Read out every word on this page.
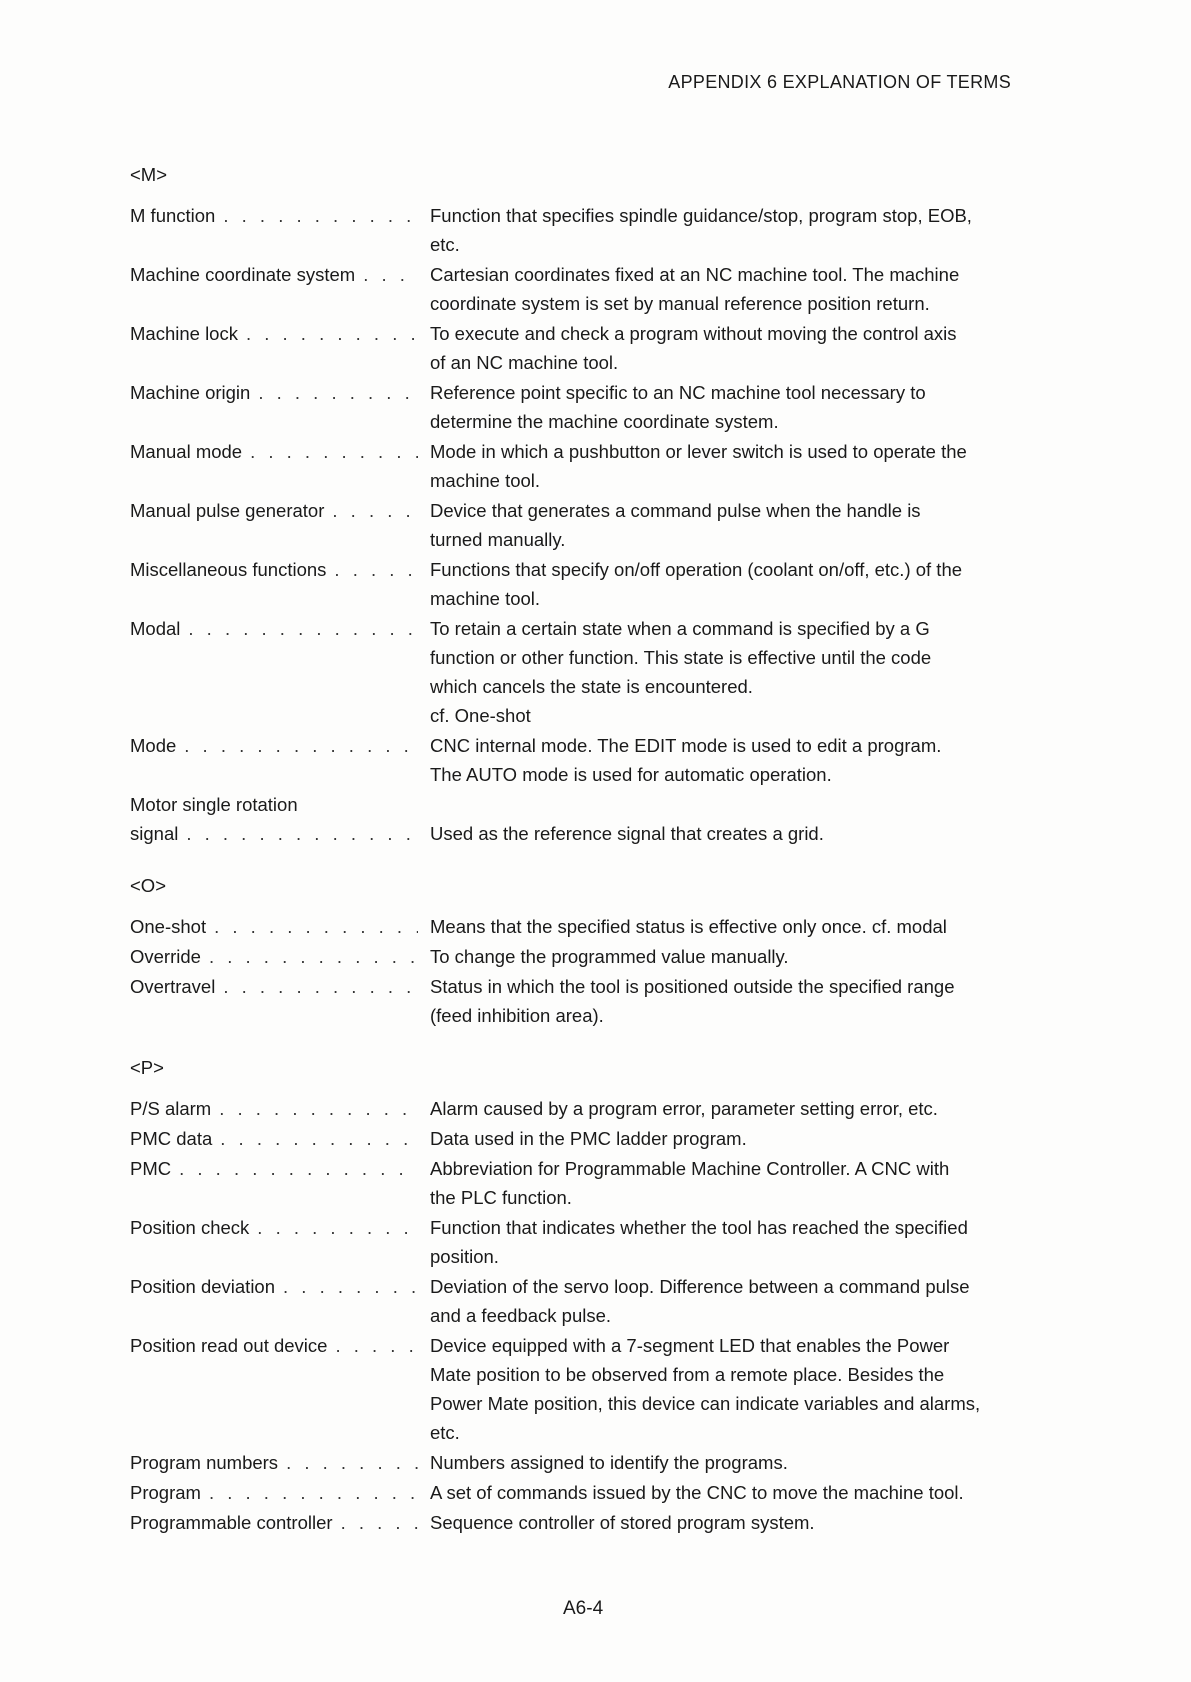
APPENDIX 6 EXPLANATION OF TERMS
<M>
M function . . .	Function that specifies spindle guidance/stop, program stop, EOB,

etc.

Machine coordinate system . . .	Cartesian coordinates fixed at an NC machine tool. The machine

coordinate system is set by manual reference position return.

Machine lock . . .	To execute and check a program without moving the control axis

of an NC machine tool.

Machine origin . . .	Reference point specific to an NC machine tool necessary to

determine the machine coordinate system.

Manual mode . . .	Mode in which a pushbutton or lever switch is used to operate the

machine tool.

Manual pulse generator . . .	Device that generates a command pulse when the handle is

turned manually.

Miscellaneous functions . . .	Functions that specify on/off operation (coolant on/off, etc.) of the

machine tool.

Modal . . .	To retain a certain state when a command is specified by a G

function or other function. This state is effective until the code

which cancels the state is encountered.

cf. One-shot

Mode . . .	CNC internal mode. The EDIT mode is used to edit a program.

The AUTO mode is used for automatic operation.

Motor single rotation
signal . . .	Used as the reference signal that creates a grid.

<O>
One-shot . . .	Means that the specified status is effective only once. cf. modal

Override . . .	To change the programmed value manually.

Overtravel . . .	Status in which the tool is positioned outside the specified range

(feed inhibition area).

<P>
P/S alarm . . .	Alarm caused by a program error, parameter setting error, etc.

PMC data . . .	Data used in the PMC ladder program.

PMC . . .	Abbreviation for Programmable Machine Controller. A CNC with

the PLC function.

Position check . . .	Function that indicates whether the tool has reached the specified

position.

Position deviation . . .	Deviation of the servo loop. Difference between a command pulse

and a feedback pulse.

Position read out device . . .	Device equipped with a 7-segment LED that enables the Power

Mate position to be observed from a remote place. Besides the

Power Mate position, this device can indicate variables and alarms,

etc.

Program numbers . . .	Numbers assigned to identify the programs.

Program . . .	A set of commands issued by the CNC to move the machine tool.

Programmable controller . . .	Sequence controller of stored program system.

A6-4
